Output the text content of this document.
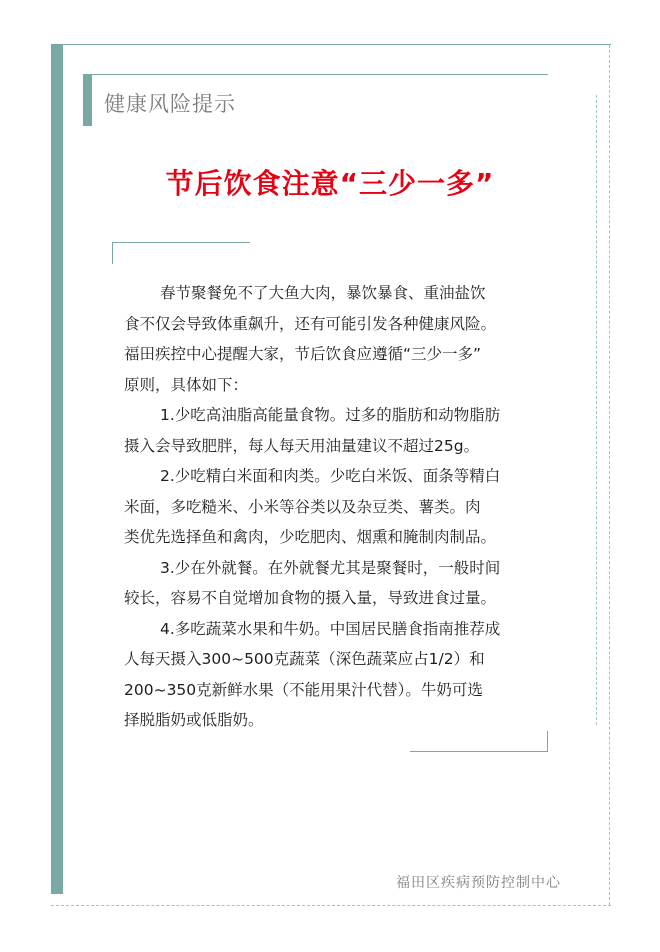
健康风险提示
节后饮食注意“三少一多”
春节聚餐免不了大鱼大肉，暴饮暴食、重油盐饮
食不仅会导致体重飙升，还有可能引发各种健康风险。
福田疾控中心提醒大家，节后饮食应遵循“三少一多”
原则，具体如下：
1.少吃高油脂高能量食物。过多的脂肪和动物脂肪
摄入会导致肥胖，每人每天用油量建议不超过25g。
2.少吃精白米面和肉类。少吃白米饭、面条等精白
米面，多吃糙米、小米等谷类以及杂豆类、薯类。肉
类优先选择鱼和禽肉，少吃肥肉、烟熏和腌制肉制品。
3.少在外就餐。在外就餐尤其是聚餐时，一般时间
较长，容易不自觉增加食物的摄入量，导致进食过量。
4.多吃蔬菜水果和牛奶。中国居民膳食指南推荐成
人每天摄入300~500克蔬菜（深色蔬菜应占1/2）和
200~350克新鲜水果（不能用果汁代替）。牛奶可选
择脱脂奶或低脂奶。
福田区疾病预防控制中心
